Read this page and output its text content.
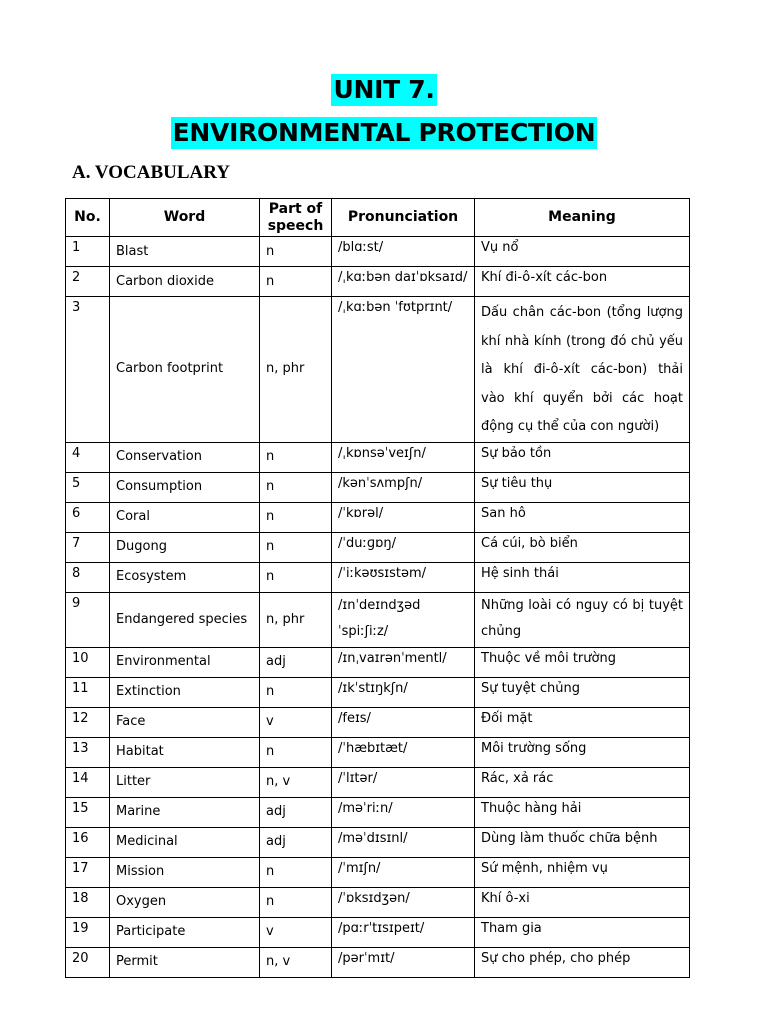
UNIT 7.
ENVIRONMENTAL PROTECTION
A. VOCABULARY
No.	Word	Part of speech	Pronunciation	Meaning
1	Blast	n	/blɑːst/	Vụ nổ
2	Carbon dioxide	n	/ˌkɑːbən daɪˈɒksaɪd/	Khí đi-ô-xít các-bon
3	Carbon footprint	n, phr	/ˌkɑːbən ˈfʊtprɪnt/	Dấu chân các-bon (tổng lượng khí nhà kính (trong đó chủ yếu là khí đi-ô-xít các-bon) thải vào khí quyển bởi các hoạt động cụ thể của con người)
4	Conservation	n	/ˌkɒnsəˈveɪʃn/	Sự bảo tồn
5	Consumption	n	/kənˈsʌmpʃn/	Sự tiêu thụ
6	Coral	n	/ˈkɒrəl/	San hô
7	Dugong	n	/ˈduːɡɒŋ/	Cá cúi, bò biển
8	Ecosystem	n	/ˈiːkəʊsɪstəm/	Hệ sinh thái
9	Endangered species	n, phr	/ɪnˈdeɪndʒəd ˈspiːʃiːz/	Những loài có nguy có bị tuyệt chủng
10	Environmental	adj	/ɪnˌvaɪrənˈmentl/	Thuộc về môi trường
11	Extinction	n	/ɪkˈstɪŋkʃn/	Sự tuyệt chủng
12	Face	v	/feɪs/	Đối mặt
13	Habitat	n	/ˈhæbɪtæt/	Môi trường sống
14	Litter	n, v	/ˈlɪtər/	Rác, xả rác
15	Marine	adj	/məˈriːn/	Thuộc hàng hải
16	Medicinal	adj	/məˈdɪsɪnl/	Dùng làm thuốc chữa bệnh
17	Mission	n	/ˈmɪʃn/	Sứ mệnh, nhiệm vụ
18	Oxygen	n	/ˈɒksɪdʒən/	Khí ô-xi
19	Participate	v	/pɑːrˈtɪsɪpeɪt/	Tham gia
20	Permit	n, v	/pərˈmɪt/	Sự cho phép, cho phép
